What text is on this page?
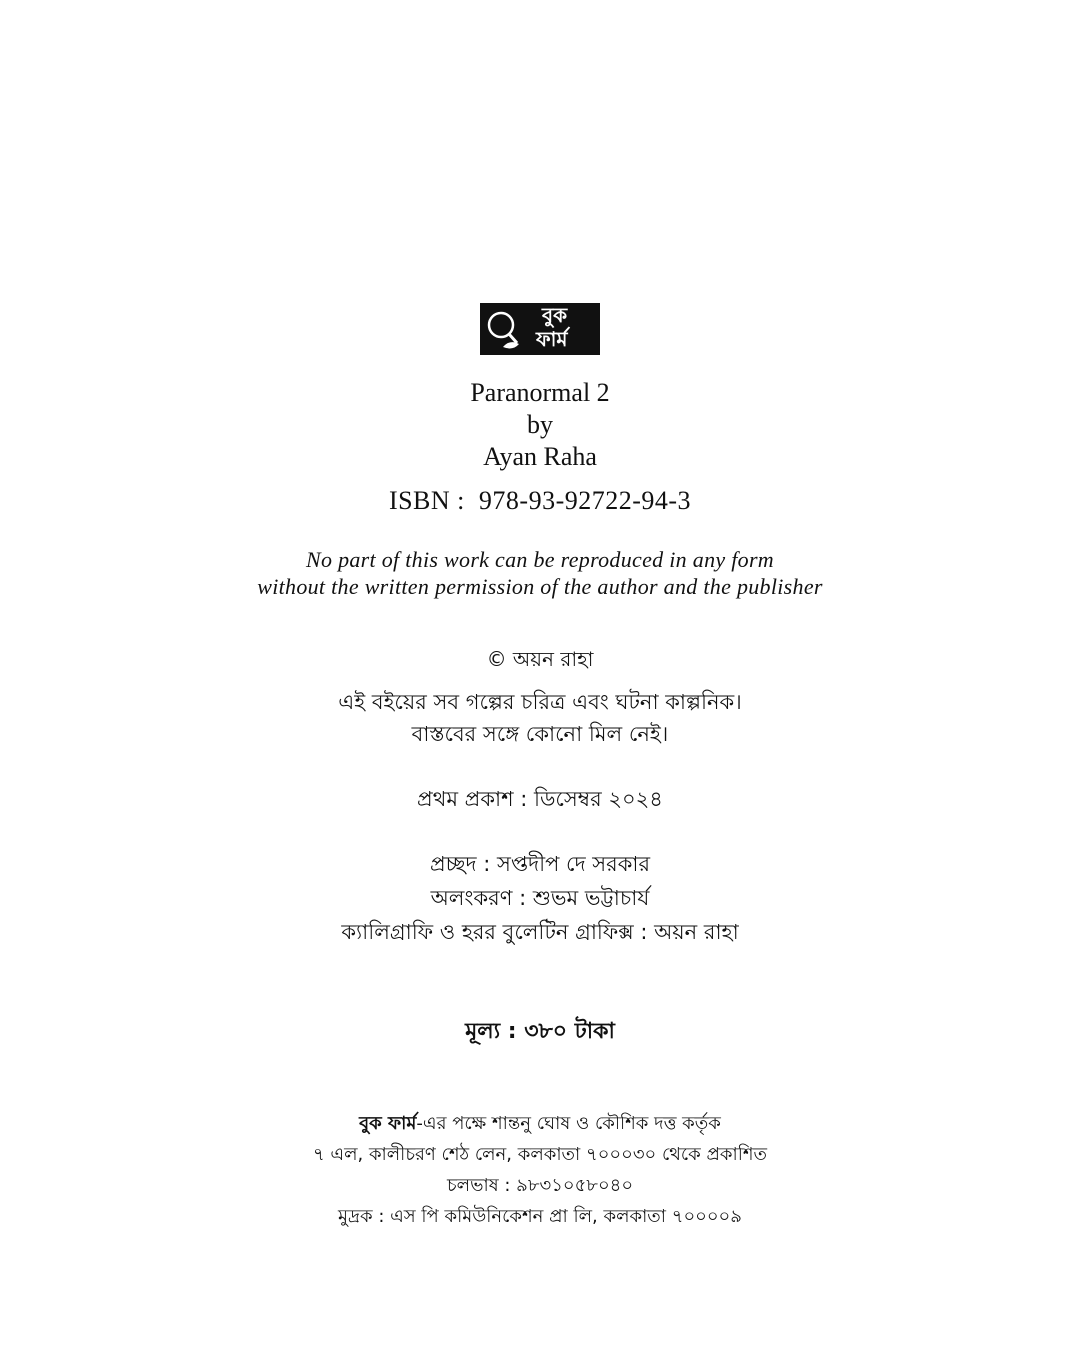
বুক
ফার্ম
Paranormal 2
by
Ayan Raha
ISBN : 978-93-92722-94-3
No part of this work can be reproduced in any form
without the written permission of the author and the publisher
© অয়ন রাহা
এই বইয়ের সব গল্পের চরিত্র এবং ঘটনা কাল্পনিক।
বাস্তবের সঙ্গে কোনো মিল নেই।
প্রথম প্রকাশ : ডিসেম্বর ২০২৪
প্রচ্ছদ : সপ্তদীপ দে সরকার
অলংকরণ : শুভম ভট্টাচার্য
ক্যালিগ্রাফি ও হরর বুলেটিন গ্রাফিক্স : অয়ন রাহা
মূল্য : ৩৮০ টাকা
বুক ফার্ম-এর পক্ষে শান্তনু ঘোষ ও কৌশিক দত্ত কর্তৃক
৭ এল, কালীচরণ শেঠ লেন, কলকাতা ৭০০০৩০ থেকে প্রকাশিত
চলভাষ : ৯৮৩১০৫৮০৪০
মুদ্রক : এস পি কমিউনিকেশন প্রা লি, কলকাতা ৭০০০০৯
